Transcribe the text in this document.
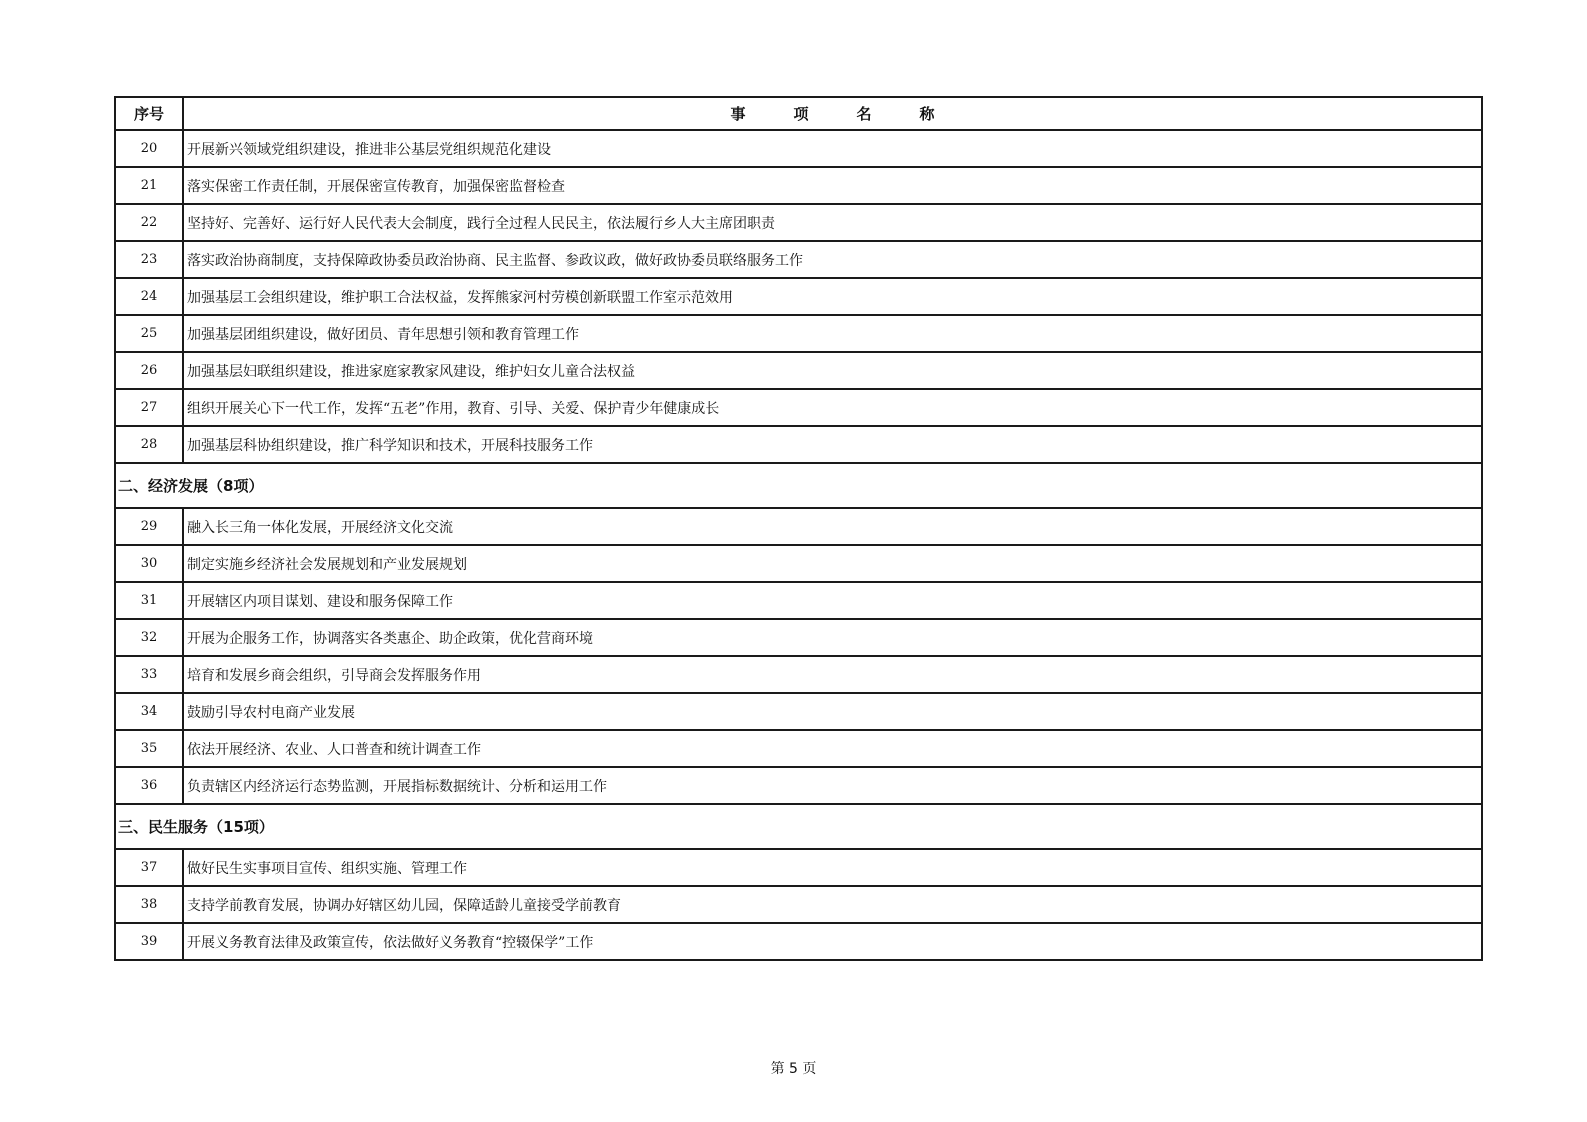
序号	事项名称
20	开展新兴领域党组织建设，推进非公基层党组织规范化建设
21	落实保密工作责任制，开展保密宣传教育，加强保密监督检查
22	坚持好、完善好、运行好人民代表大会制度，践行全过程人民民主，依法履行乡人大主席团职责
23	落实政治协商制度，支持保障政协委员政治协商、民主监督、参政议政，做好政协委员联络服务工作
24	加强基层工会组织建设，维护职工合法权益，发挥熊家河村劳模创新联盟工作室示范效用
25	加强基层团组织建设，做好团员、青年思想引领和教育管理工作
26	加强基层妇联组织建设，推进家庭家教家风建设，维护妇女儿童合法权益
27	组织开展关心下一代工作，发挥“五老”作用，教育、引导、关爱、保护青少年健康成长
28	加强基层科协组织建设，推广科学知识和技术，开展科技服务工作
二、经济发展（8项）	
29	融入长三角一体化发展，开展经济文化交流
30	制定实施乡经济社会发展规划和产业发展规划
31	开展辖区内项目谋划、建设和服务保障工作
32	开展为企服务工作，协调落实各类惠企、助企政策，优化营商环境
33	培育和发展乡商会组织，引导商会发挥服务作用
34	鼓励引导农村电商产业发展
35	依法开展经济、农业、人口普查和统计调查工作
36	负责辖区内经济运行态势监测，开展指标数据统计、分析和运用工作
三、民生服务（15项）	
37	做好民生实事项目宣传、组织实施、管理工作
38	支持学前教育发展，协调办好辖区幼儿园，保障适龄儿童接受学前教育
39	开展义务教育法律及政策宣传，依法做好义务教育“控辍保学”工作
第 5 页
